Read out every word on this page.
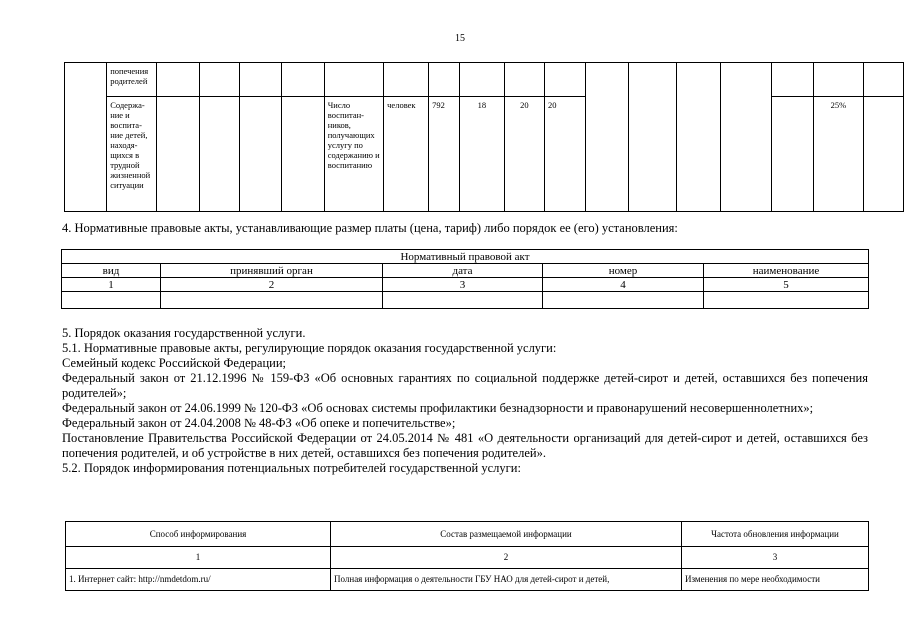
15
	попечения родителей																	
	Содержа-ние и воспита-ние детей, находя-щихся в трудной жизненной ситуации					Число воспитан-ников, получающих услугу по содержанию и воспитанию	человек	792	18	20	20						25%	
4. Нормативные правовые акты, устанавливающие размер платы (цена, тариф) либо порядок ее (его) установления:
Нормативный правовой акт				
вид	принявший орган	дата	номер	наименование
1	2	3	4	5

5. Порядок оказания государственной услуги.

5.1. Нормативные правовые акты, регулирующие порядок оказания государственной услуги:

Семейный кодекс Российской Федерации;

Федеральный закон от 21.12.1996 № 159-ФЗ «Об основных гарантиях по социальной поддержке детей-сирот и детей, оставшихся без попечения родителей»;

Федеральный закон от 24.06.1999 № 120-ФЗ «Об основах системы профилактики безнадзорности и правонарушений несовершеннолетних»;

Федеральный закон от 24.04.2008 № 48-ФЗ «Об опеке и попечительстве»;

Постановление Правительства Российской Федерации от 24.05.2014 № 481 «О деятельности организаций для детей-сирот и детей, оставшихся без попечения родителей, и об устройстве в них детей, оставшихся без попечения родителей».

5.2. Порядок информирования потенциальных потребителей государственной услуги:

Способ информирования	Состав размещаемой информации	Частота обновления информации
1	2	3
1. Интернет сайт: http://nmdetdom.ru/	Полная информация о деятельности ГБУ НАО для детей-сирот и детей,	Изменения по мере необходимости
